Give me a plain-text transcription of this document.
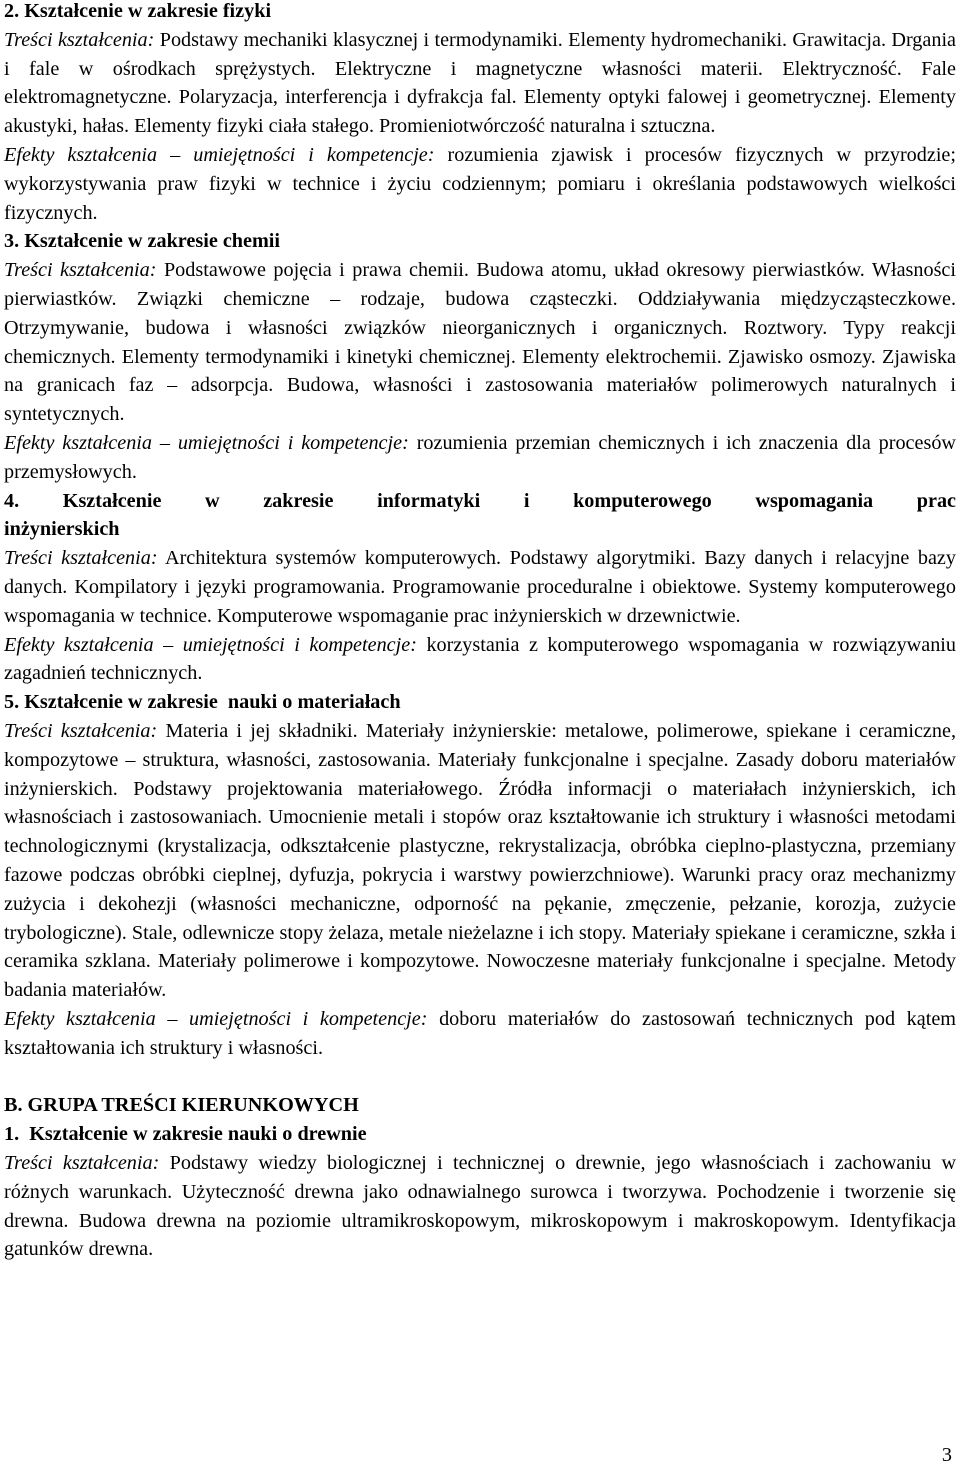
2. Kształcenie w zakresie fizyki

Treści kształcenia: Podstawy mechaniki klasycznej i termodynamiki. Elementy hydromechaniki. Grawitacja. Drgania i fale w ośrodkach sprężystych. Elektryczne i magnetyczne własności materii. Elektryczność. Fale elektromagnetyczne. Polaryzacja, interferencja i dyfrakcja fal. Elementy optyki falowej i geometrycznej. Elementy akustyki, hałas. Elementy fizyki ciała stałego. Promieniotwórczość naturalna i sztuczna.

Efekty kształcenia – umiejętności i kompetencje: rozumienia zjawisk i procesów fizycznych w przyrodzie; wykorzystywania praw fizyki w technice i życiu codziennym; pomiaru i określania podstawowych wielkości fizycznych.

3. Kształcenie w zakresie chemii

Treści kształcenia: Podstawowe pojęcia i prawa chemii. Budowa atomu, układ okresowy pierwiastków. Własności pierwiastków. Związki chemiczne – rodzaje, budowa cząsteczki. Oddziaływania międzycząsteczkowe. Otrzymywanie, budowa i własności związków nieorganicznych i organicznych. Roztwory. Typy reakcji chemicznych. Elementy termodynamiki i kinetyki chemicznej. Elementy elektrochemii. Zjawisko osmozy. Zjawiska na granicach faz – adsorpcja. Budowa, własności i zastosowania materiałów polimerowych naturalnych i syntetycznych.

Efekty kształcenia – umiejętności i kompetencje: rozumienia przemian chemicznych i ich znaczenia dla procesów przemysłowych.

4. Kształcenie w zakresie informatyki i komputerowego wspomagania prac
inżynierskich

Treści kształcenia: Architektura systemów komputerowych. Podstawy algorytmiki. Bazy danych i relacyjne bazy danych. Kompilatory i języki programowania. Programowanie proceduralne i obiektowe. Systemy komputerowego wspomagania w technice. Komputerowe wspomaganie prac inżynierskich w drzewnictwie.

Efekty kształcenia – umiejętności i kompetencje: korzystania z komputerowego wspomagania w rozwiązywaniu zagadnień technicznych.

5. Kształcenie w zakresie  nauki o materiałach

Treści kształcenia: Materia i jej składniki. Materiały inżynierskie: metalowe, polimerowe, spiekane i ceramiczne, kompozytowe – struktura, własności, zastosowania. Materiały funkcjonalne i specjalne. Zasady doboru materiałów inżynierskich. Podstawy projektowania materiałowego. Źródła informacji o materiałach inżynierskich, ich własnościach i zastosowaniach. Umocnienie metali i stopów oraz kształtowanie ich struktury i własności metodami technologicznymi (krystalizacja, odkształcenie plastyczne, rekrystalizacja, obróbka cieplno-plastyczna, przemiany fazowe podczas obróbki cieplnej, dyfuzja, pokrycia i warstwy powierzchniowe). Warunki pracy oraz mechanizmy zużycia i dekohezji (własności mechaniczne, odporność na pękanie, zmęczenie, pełzanie, korozja, zużycie trybologiczne). Stale, odlewnicze stopy żelaza, metale nieżelazne i ich stopy. Materiały spiekane i ceramiczne, szkła i ceramika szklana. Materiały polimerowe i kompozytowe. Nowoczesne materiały funkcjonalne i specjalne. Metody badania materiałów.

Efekty kształcenia – umiejętności i kompetencje: doboru materiałów do zastosowań technicznych pod kątem kształtowania ich struktury i własności.

B. GRUPA TREŚCI KIERUNKOWYCH
1.  Kształcenie w zakresie nauki o drewnie

Treści kształcenia: Podstawy wiedzy biologicznej i technicznej o drewnie, jego własnościach i zachowaniu w różnych warunkach. Użyteczność drewna jako odnawialnego surowca i tworzywa. Pochodzenie i tworzenie się drewna. Budowa drewna na poziomie ultramikroskopowym, mikroskopowym i makroskopowym. Identyfikacja gatunków drewna.

3
